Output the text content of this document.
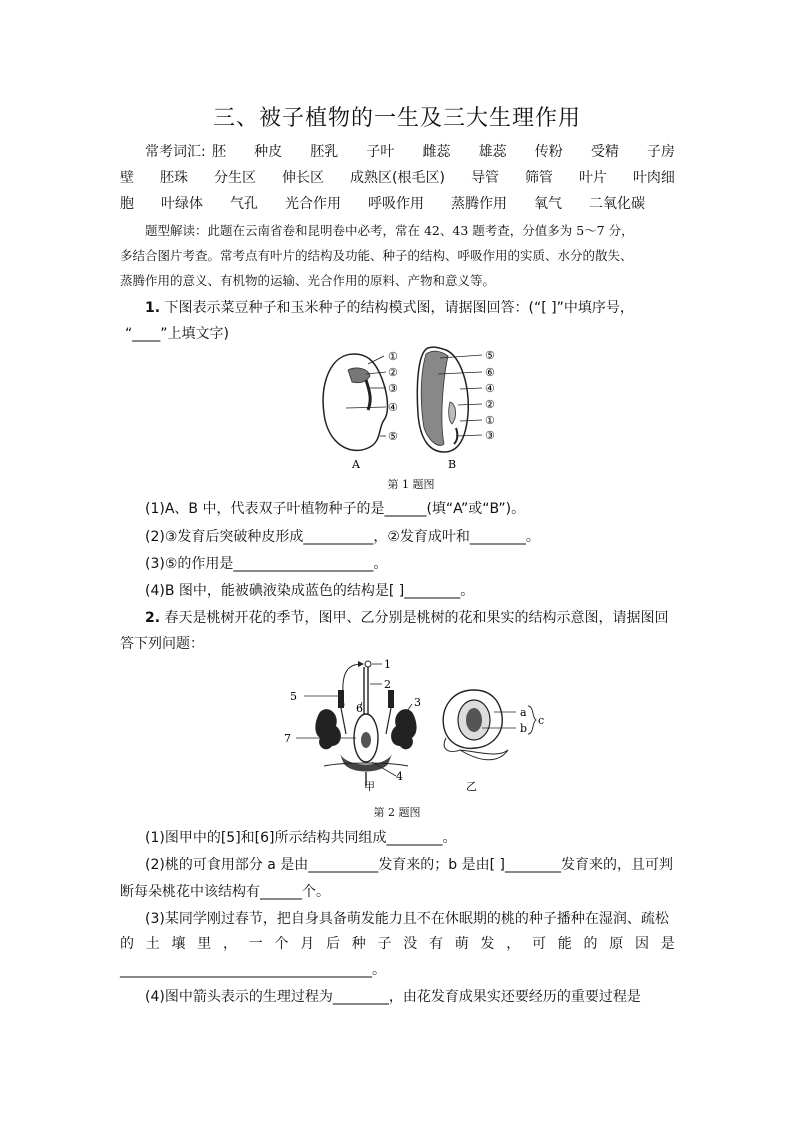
三、被子植物的一生及三大生理作用
常考词汇: 胚 种皮 胚乳 子叶 雌蕊 雄蕊 传粉 受精 子房
壁 胚珠 分生区 伸长区 成熟区(根毛区) 导管 筛管 叶片 叶肉细
胞 叶绿体 气孔 光合作用 呼吸作用 蒸腾作用 氧气 二氧化碳
题型解读：此题在云南省卷和昆明卷中必考，常在 42、43 题考查，分值多为 5～7 分，
多结合图片考查。常考点有叶片的结构及功能、种子的结构、呼吸作用的实质、水分的散失、
蒸腾作用的意义、有机物的运输、光合作用的原料、产物和意义等。
1. 下图表示菜豆种子和玉米种子的结构模式图，请据图回答：(“[ ]”中填序号，
“____”上填文字)
①
②
③
④
⑤
A
⑤
⑥
④
②
①
③
B
第 1 题图
(1)A、B 中，代表双子叶植物种子的是______(填“A”或“B”)。
(2)③发育后突破种皮形成__________，②发育成叶和________。
(3)⑤的作用是____________________。
(4)B 图中，能被碘液染成蓝色的结构是[ ]________。
2. 春天是桃树开花的季节，图甲、乙分别是桃树的花和果实的结构示意图，请据图回
答下列问题：
1
2
3
4
5
6
7
甲
a
b
c
乙
第 2 题图
(1)图甲中的[5]和[6]所示结构共同组成________。
(2)桃的可食用部分 a 是由__________发育来的；b 是由[ ]________发育来的，且可判
断每朵桃花中该结构有______个。
(3)某同学刚过春节，把自身具备萌发能力且不在休眠期的桃的种子播种在湿润、疏松
的 土 壤 里 ， 一 个 月 后 种 子 没 有 萌 发 ， 可 能 的 原 因 是
____________________________________。
(4)图中箭头表示的生理过程为________，由花发育成果实还要经历的重要过程是
